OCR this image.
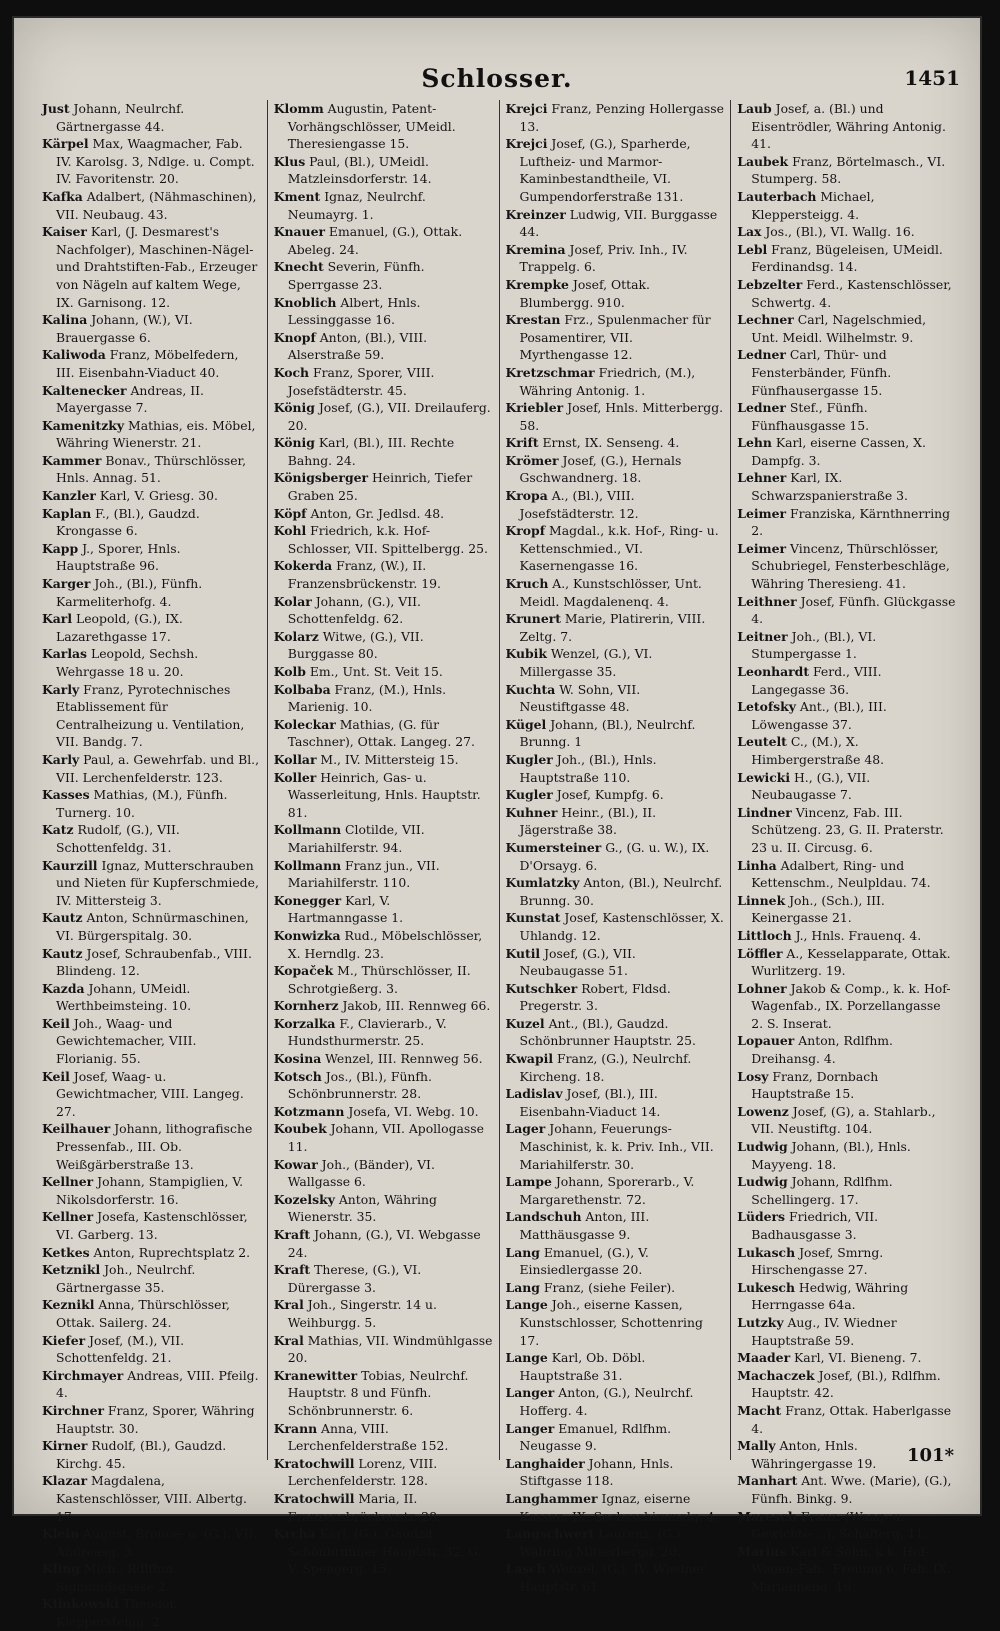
Schlosser.	1451
Just Johann, Neulrchf. Gärtnergasse 44.
Kärpel Max, Waagmacher, Fab. IV. Karolsg. 3, Ndlge. u. Compt. IV. Favoritenstr. 20.
Kafka Adalbert, (Nähmaschinen), VII. Neubaug. 43.
Kaiser Karl, (J. Desmarest's Nachfolger), Maschinen-Nägel- und Drahtstiften-Fab., Erzeuger von Nägeln auf kaltem Wege, IX. Garnisong. 12.
Kalina Johann, (W.), VI. Brauergasse 6.
Kaliwoda Franz, Möbelfedern, III. Eisenbahn-Viaduct 40.
Kaltenecker Andreas, II. Mayergasse 7.
Kamenitzky Mathias, eis. Möbel, Währing Wienerstr. 21.
Kammer Bonav., Thürschlösser, Hnls. Annag. 51.
Kanzler Karl, V. Griesg. 30.
Kaplan F., (Bl.), Gaudzd. Krongasse 6.
Kapp J., Sporer, Hnls. Hauptstraße 96.
Karger Joh., (Bl.), Fünfh. Karmeliterhofg. 4.
Karl Leopold, (G.), IX. Lazarethgasse 17.
Karlas Leopold, Sechsh. Wehrgasse 18 u. 20.
Karly Franz, Pyrotechnisches Etablissement für Centralheizung u. Ventilation, VII. Bandg. 7.
Karly Paul, a. Gewehrfab. und Bl., VII. Lerchenfelderstr. 123.
Kasses Mathias, (M.), Fünfh. Turnerg. 10.
Katz Rudolf, (G.), VII. Schottenfeldg. 31.
Kaurzill Ignaz, Mutterschrauben und Nieten für Kupferschmiede, IV. Mittersteig 3.
Kautz Anton, Schnürmaschinen, VI. Bürgerspitalg. 30.
Kautz Josef, Schraubenfab., VIII. Blindeng. 12.
Kazda Johann, UMeidl. Werthbeimsteing. 10.
Keil Joh., Waag- und Gewichtemacher, VIII. Florianig. 55.
Keil Josef, Waag- u. Gewichtmacher, VIII. Langeg. 27.
Keilhauer Johann, lithografische Pressenfab., III. Ob. Weißgärberstraße 13.
Kellner Johann, Stampiglien, V. Nikolsdorferstr. 16.
Kellner Josefa, Kastenschlösser, VI. Garberg. 13.
Ketkes Anton, Ruprechtsplatz 2.
Ketznikl Joh., Neulrchf. Gärtnergasse 35.
Keznikl Anna, Thürschlösser, Ottak. Sailerg. 24.
Kiefer Josef, (M.), VII. Schottenfeldg. 21.
Kirchmayer Andreas, VIII. Pfeilg. 4.
Kirchner Franz, Sporer, Währing Hauptstr. 30.
Kirner Rudolf, (Bl.), Gaudzd. Kirchg. 45.
Klazar Magdalena, Kastenschlösser, VIII. Albertg. 17.
Klein August, Bronce- u. (G.), VII. Andreasg. 3.
Kling Mich., Rdlfhm. Sigmundsgasse 2.
Klinkowski Theodor, Kleppersteigg. 2.
Klomm Augustin, Patent-Vorhängschlösser, UMeidl. Theresiengasse 15.
Klus Paul, (Bl.), UMeidl. Matzleinsdorferstr. 14.
Kment Ignaz, Neulrchf. Neumayrg. 1.
Knauer Emanuel, (G.), Ottak. Abeleg. 24.
Knecht Severin, Fünfh. Sperrgasse 23.
Knoblich Albert, Hnls. Lessinggasse 16.
Knopf Anton, (Bl.), VIII. Alserstraße 59.
Koch Franz, Sporer, VIII. Josefstädterstr. 45.
König Josef, (G.), VII. Dreilauferg. 20.
König Karl, (Bl.), III. Rechte Bahng. 24.
Königsberger Heinrich, Tiefer Graben 25.
Köpf Anton, Gr. Jedlsd. 48.
Kohl Friedrich, k.k. Hof-Schlosser, VII. Spittelbergg. 25.
Kokerda Franz, (W.), II. Franzensbrückenstr. 19.
Kolar Johann, (G.), VII. Schottenfeldg. 62.
Kolarz Witwe, (G.), VII. Burggasse 80.
Kolb Em., Unt. St. Veit 15.
Kolbaba Franz, (M.), Hnls. Marienig. 10.
Koleckar Mathias, (G. für Taschner), Ottak. Langeg. 27.
Kollar M., IV. Mittersteig 15.
Koller Heinrich, Gas- u. Wasserleitung, Hnls. Hauptstr. 81.
Kollmann Clotilde, VII. Mariahilferstr. 94.
Kollmann Franz jun., VII. Mariahilferstr. 110.
Konegger Karl, V. Hartmanngasse 1.
Konwizka Rud., Möbelschlösser, X. Herndlg. 23.
Kopaček M., Thürschlösser, II. Schrotgießerg. 3.
Kornherz Jakob, III. Rennweg 66.
Korzalka F., Clavierarb., V. Hundsthurmerstr. 25.
Kosina Wenzel, III. Rennweg 56.
Kotsch Jos., (Bl.), Fünfh. Schönbrunnerstr. 28.
Kotzmann Josefa, VI. Webg. 10.
Koubek Johann, VII. Apollogasse 11.
Kowar Joh., (Bänder), VI. Wallgasse 6.
Kozelsky Anton, Währing Wienerstr. 35.
Kraft Johann, (G.), VI. Webgasse 24.
Kraft Therese, (G.), VI. Dürergasse 3.
Kral Joh., Singerstr. 14 u. Weihburgg. 5.
Kral Mathias, VII. Windmühlgasse 20.
Kranewitter Tobias, Neulrchf. Hauptstr. 8 und Fünfh. Schönbrunnerstr. 6.
Krann Anna, VIII. Lerchenfelderstraße 152.
Kratochwill Lorenz, VIII. Lerchenfelderstr. 128.
Kratochwill Maria, II. Franzensbrückenstr. 28.
Krcha Karl, (G.), Gaudzd. Schönbrunner Hauptstr. 32, G. V. Spengerg. 15.
Krejci Franz, Penzing Hollergasse 13.
Krejci Josef, (G.), Sparherde, Luftheiz- und Marmor-Kaminbestandtheile, VI. Gumpendorferstraße 131.
Kreinzer Ludwig, VII. Burggasse 44.
Kremina Josef, Priv. Inh., IV. Trappelg. 6.
Krempke Josef, Ottak. Blumbergg. 910.
Krestan Frz., Spulenmacher für Posamentirer, VII. Myrthengasse 12.
Kretzschmar Friedrich, (M.), Währing Antonig. 1.
Kriebler Josef, Hnls. Mitterbergg. 58.
Krift Ernst, IX. Senseng. 4.
Krömer Josef, (G.), Hernals Gschwandnerg. 18.
Kropa A., (Bl.), VIII. Josefstädterstr. 12.
Kropf Magdal., k.k. Hof-, Ring- u. Kettenschmied., VI. Kasernengasse 16.
Kruch A., Kunstschlösser, Unt. Meidl. Magdalenenq. 4.
Krunert Marie, Platirerin, VIII. Zeltg. 7.
Kubik Wenzel, (G.), VI. Millergasse 35.
Kuchta W. Sohn, VII. Neustiftgasse 48.
Kügel Johann, (Bl.), Neulrchf. Brunng. 1
Kugler Joh., (Bl.), Hnls. Hauptstraße 110.
Kugler Josef, Kumpfg. 6.
Kuhner Heinr., (Bl.), II. Jägerstraße 38.
Kumersteiner G., (G. u. W.), IX. D'Orsayg. 6.
Kumlatzky Anton, (Bl.), Neulrchf. Brunng. 30.
Kunstat Josef, Kastenschlösser, X. Uhlandg. 12.
Kutil Josef, (G.), VII. Neubaugasse 51.
Kutschker Robert, Fldsd. Pregerstr. 3.
Kuzel Ant., (Bl.), Gaudzd. Schönbrunner Hauptstr. 25.
Kwapil Franz, (G.), Neulrchf. Kircheng. 18.
Ladislav Josef, (Bl.), III. Eisenbahn-Viaduct 14.
Lager Johann, Feuerungs-Maschinist, k. k. Priv. Inh., VII. Mariahilferstr. 30.
Lampe Johann, Sporerarb., V. Margarethenstr. 72.
Landschuh Anton, III. Matthäusgasse 9.
Lang Emanuel, (G.), V. Einsiedlergasse 20.
Lang Franz, (siehe Feiler).
Lange Joh., eiserne Kassen, Kunstschlosser, Schottenring 17.
Lange Karl, Ob. Döbl. Hauptstraße 31.
Langer Anton, (G.), Neulrchf. Hofferg. 4.
Langer Emanuel, Rdlfhm. Neugasse 9.
Langhaider Johann, Hnls. Stiftgasse 118.
Langhammer Ignaz, eiserne Kassen, IX. Sechsschimmelg. 4.
Langschwert Laurenz, (G.) Währing Mitterbergg. 20.
Lasch Wenzel, (G.), IV. Wiedner Hauptstr. 61.
Laub Josef, a. (Bl.) und Eisentrödler, Währing Antonig. 41.
Laubek Franz, Börtelmasch., VI. Stumperg. 58.
Lauterbach Michael, Kleppersteigg. 4.
Lax Jos., (Bl.), VI. Wallg. 16.
Lebl Franz, Bügeleisen, UMeidl. Ferdinandsg. 14.
Lebzelter Ferd., Kastenschlösser, Schwertg. 4.
Lechner Carl, Nagelschmied, Unt. Meidl. Wilhelmstr. 9.
Ledner Carl, Thür- und Fensterbänder, Fünfh. Fünfhausergasse 15.
Ledner Stef., Fünfh. Fünfhausgasse 15.
Lehn Karl, eiserne Cassen, X. Dampfg. 3.
Lehner Karl, IX. Schwarzspanierstraße 3.
Leimer Franziska, Kärnthnerring 2.
Leimer Vincenz, Thürschlösser, Schubriegel, Fensterbeschläge, Währing Theresieng. 41.
Leithner Josef, Fünfh. Glückgasse 4.
Leitner Joh., (Bl.), VI. Stumpergasse 1.
Leonhardt Ferd., VIII. Langegasse 36.
Letofsky Ant., (Bl.), III. Löwengasse 37.
Leutelt C., (M.), X. Himbergerstraße 48.
Lewicki H., (G.), VII. Neubaugasse 7.
Lindner Vincenz, Fab. III. Schützeng. 23, G. II. Praterstr. 23 u. II. Circusg. 6.
Linha Adalbert, Ring- und Kettenschm., Neulpldau. 74.
Linnek Joh., (Sch.), III. Keinergasse 21.
Littloch J., Hnls. Frauenq. 4.
Löffler A., Kesselapparate, Ottak. Wurlitzerg. 19.
Lohner Jakob & Comp., k. k. Hof-Wagenfab., IX. Porzellangasse 2. S. Inserat.
Lopauer Anton, Rdlfhm. Dreihansg. 4.
Losy Franz, Dornbach Hauptstraße 15.
Lowenz Josef, (G), a. Stahlarb., VII. Neustiftg. 104.
Ludwig Johann, (Bl.), Hnls. Mayyeng. 18.
Ludwig Johann, Rdlfhm. Schellingerg. 17.
Lüders Friedrich, VII. Badhausgasse 3.
Lukasch Josef, Smrng. Hirschengasse 27.
Lukesch Hedwig, Währing Herrngasse 64a.
Lutzky Aug., IV. Wiedner Hauptstraße 59.
Maader Karl, VI. Bieneng. 7.
Machaczek Josef, (Bl.), Rdlfhm. Hauptstr. 42.
Macht Franz, Ottak. Haberlgasse 4.
Mally Anton, Hnls. Währingergasse 19.
Manhart Ant. Wwe. (Marie), (G.), Fünfh. Binkg. 9.
Maresch Franz, (Waag- u. Gewichte-...), Schäfferg. 11.
Marius Karl & Sohn, k.k. Hof-Wagen-Fab., Freiung 6, Fab. IX. Marianneng. 16.
101*
